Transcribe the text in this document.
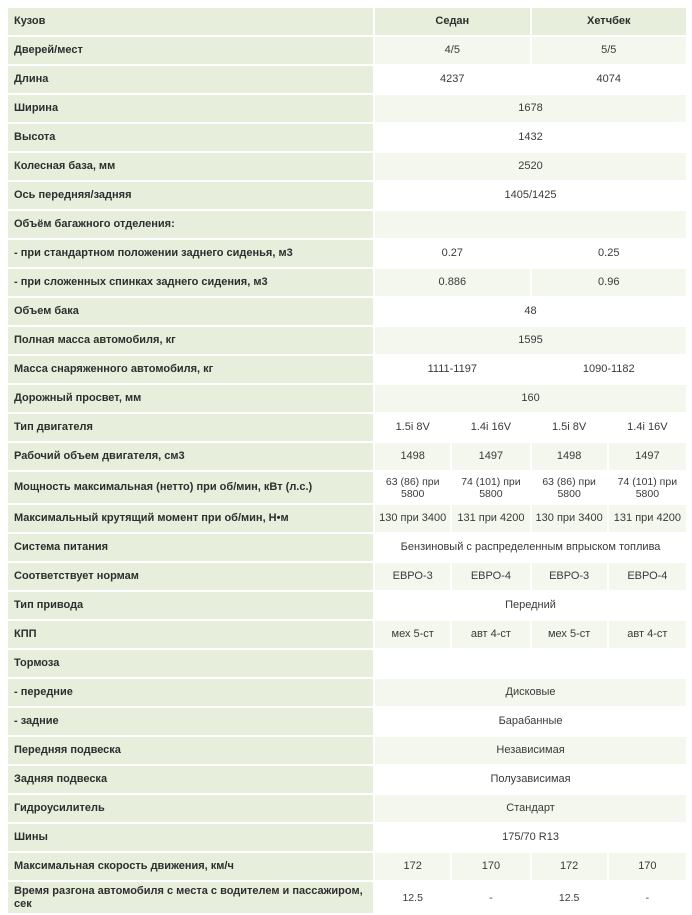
Кузов	Седан		Хетчбек	
Дверей/мест	4/5		5/5	
Длина	4237		4074	
Ширина	1678			
Высота	1432			
Колесная база, мм	2520			
Ось передняя/задняя	1405/1425			
Объём багажного отделения:				
- при стандартном положении заднего сиденья, м3	0.27		0.25	
- при сложенных спинках заднего сидения, м3	0.886		0.96	
Объем бака	48			
Полная масса автомобиля, кг	1595			
Масса снаряженного автомобиля, кг	1111-1197		1090-1182	
Дорожный просвет, мм	160			
Тип двигателя	1.5i 8V	1.4i 16V	1.5i 8V	1.4i 16V
Рабочий объем двигателя, см3	1498	1497	1498	1497
Мощность максимальная (нетто) при об/мин, кВт (л.с.)	63 (86) при 5800	74 (101) при 5800	63 (86) при 5800	74 (101) при 5800
Максимальный крутящий момент при об/мин, Н•м	130 при 3400	131 при 4200	130 при 3400	131 при 4200
Система питания	Бензиновый с распределенным впрыском топлива			
Соответствует нормам	ЕВРО-3	ЕВРО-4	ЕВРО-3	ЕВРО-4
Тип привода	Передний			
КПП	мех 5-ст	авт 4-ст	мех 5-ст	авт 4-ст
Тормоза				
- передние	Дисковые			
- задние	Барабанные			
Передняя подвеска	Независимая			
Задняя подвеска	Полузависимая			
Гидроусилитель	Стандарт			
Шины	175/70 R13			
Максимальная скорость движения, км/ч	172	170	172	170
Время разгона автомобиля с места с водителем и пассажиром, сек	12.5	-	12.5	-
